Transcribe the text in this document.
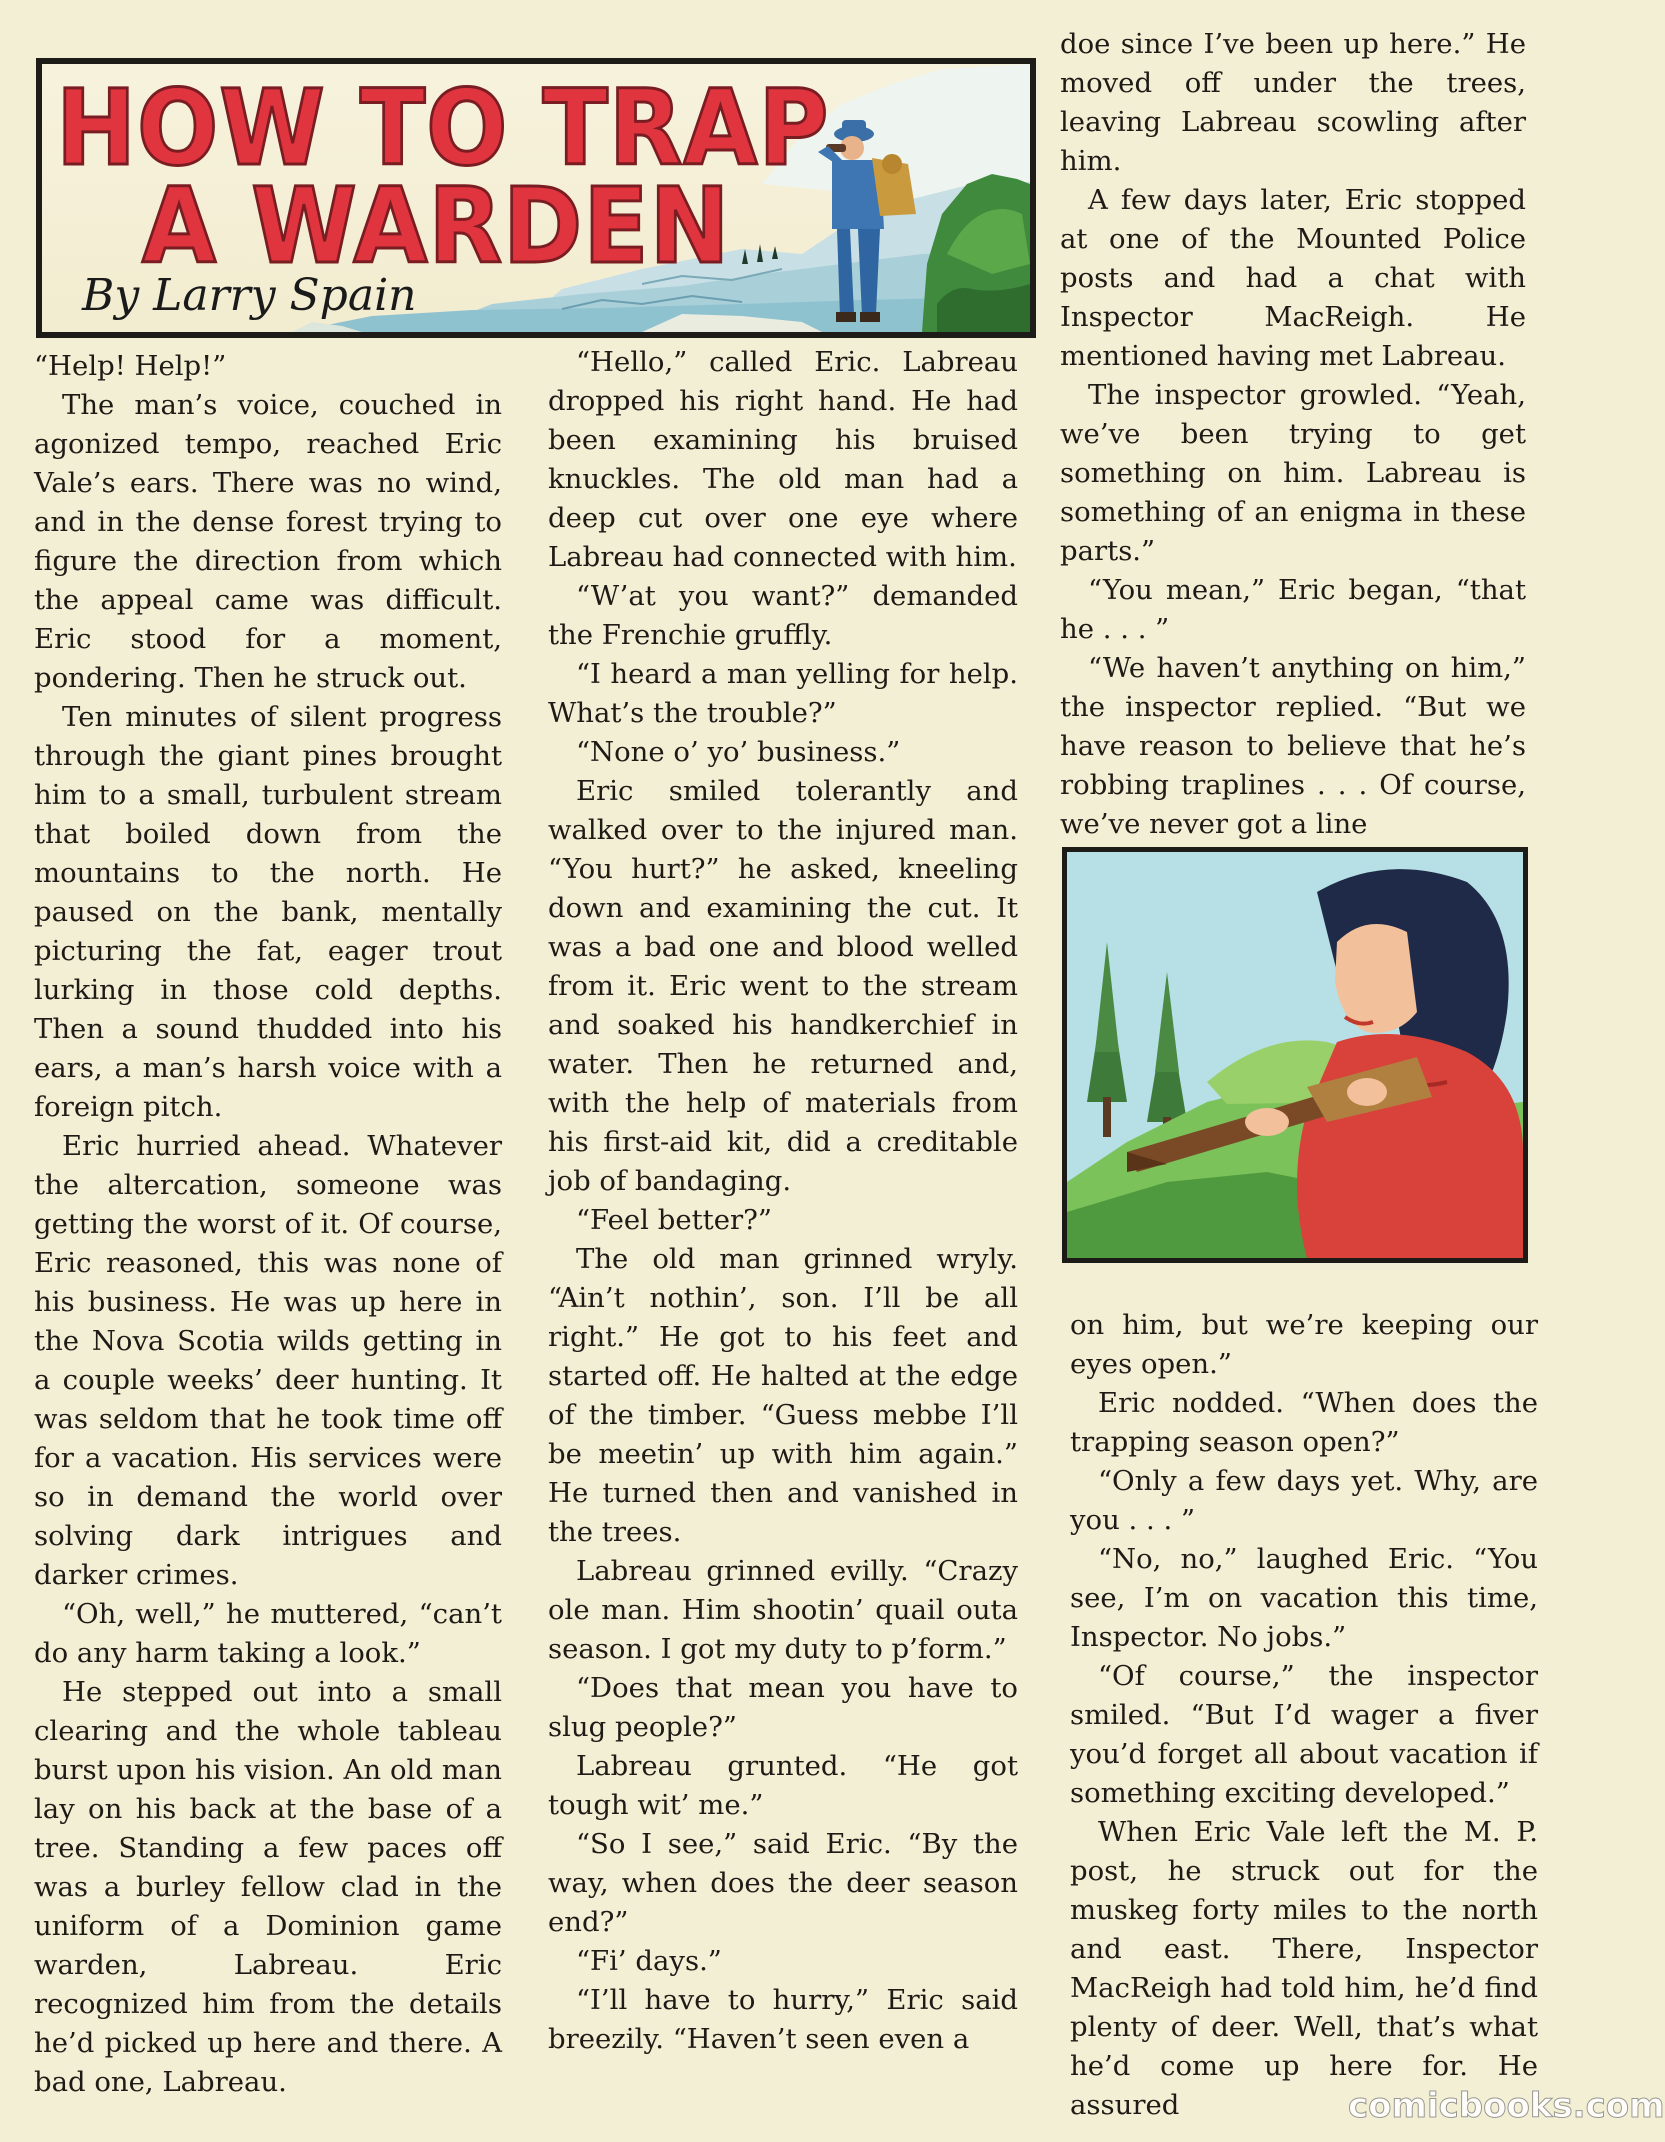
HOW TO TRAP
A WARDEN
By Larry Spain

“Help! Help!”

The man’s voice, couched in agonized tempo, reached Eric Vale’s ears. There was no wind, and in the dense forest trying to figure the direction from which the appeal came was difficult. Eric stood for a moment, pondering. Then he struck out.

Ten minutes of silent progress through the giant pines brought him to a small, turbulent stream that boiled down from the mountains to the north. He paused on the bank, mentally picturing the fat, eager trout lurking in those cold depths. Then a sound thudded into his ears, a man’s harsh voice with a foreign pitch.

Eric hurried ahead. Whatever the altercation, someone was getting the worst of it. Of course, Eric reasoned, this was none of his business. He was up here in the Nova Scotia wilds getting in a couple weeks’ deer hunting. It was seldom that he took time off for a vacation. His services were so in demand the world over solving dark intrigues and darker crimes.

“Oh, well,” he muttered, “can’t do any harm taking a look.”

He stepped out into a small clearing and the whole tableau burst upon his vision. An old man lay on his back at the base of a tree. Standing a few paces off was a burley fellow clad in the uniform of a Dominion game warden, Labreau. Eric recognized him from the details he’d picked up here and there. A bad one, Labreau.

“Hello,” called Eric. Labreau dropped his right hand. He had been examining his bruised knuckles. The old man had a deep cut over one eye where Labreau had connected with him.

“W’at you want?” demanded the Frenchie gruffly.

“I heard a man yelling for help. What’s the trouble?”

“None o’ yo’ business.”

Eric smiled tolerantly and walked over to the injured man. “You hurt?” he asked, kneeling down and examining the cut. It was a bad one and blood welled from it. Eric went to the stream and soaked his handkerchief in water. Then he returned and, with the help of materials from his first-aid kit, did a creditable job of bandaging.

“Feel better?”

The old man grinned wryly. “Ain’t nothin’, son. I’ll be all right.” He got to his feet and started off. He halted at the edge of the timber. “Guess mebbe I’ll be meetin’ up with him again.” He turned then and vanished in the trees.

Labreau grinned evilly. “Crazy ole man. Him shootin’ quail outa season. I got my duty to p’form.”

“Does that mean you have to slug people?”

Labreau grunted. “He got tough wit’ me.”

“So I see,” said Eric. “By the way, when does the deer season end?”

“Fi’ days.”

“I’ll have to hurry,” Eric said breezily. “Haven’t seen even a

doe since I’ve been up here.” He moved off under the trees, leaving Labreau scowling after him.

A few days later, Eric stopped at one of the Mounted Police posts and had a chat with Inspector MacReigh. He mentioned having met Labreau.

The inspector growled. “Yeah, we’ve been trying to get something on him. Labreau is something of an enigma in these parts.”

“You mean,” Eric began, “that he . . . ”

“We haven’t anything on him,” the inspector replied. “But we have reason to believe that he’s robbing traplines . . . Of course, we’ve never got a line

on him, but we’re keeping our eyes open.”

Eric nodded. “When does the trapping season open?”

“Only a few days yet. Why, are you . . . ”

“No, no,” laughed Eric. “You see, I’m on vacation this time, Inspector. No jobs.”

“Of course,” the inspector smiled. “But I’d wager a fiver you’d forget all about vacation if something exciting developed.”

When Eric Vale left the M. P. post, he struck out for the muskeg forty miles to the north and east. There, Inspector MacReigh had told him, he’d find plenty of deer. Well, that’s what he’d come up here for. He assured	comicbooks.com
